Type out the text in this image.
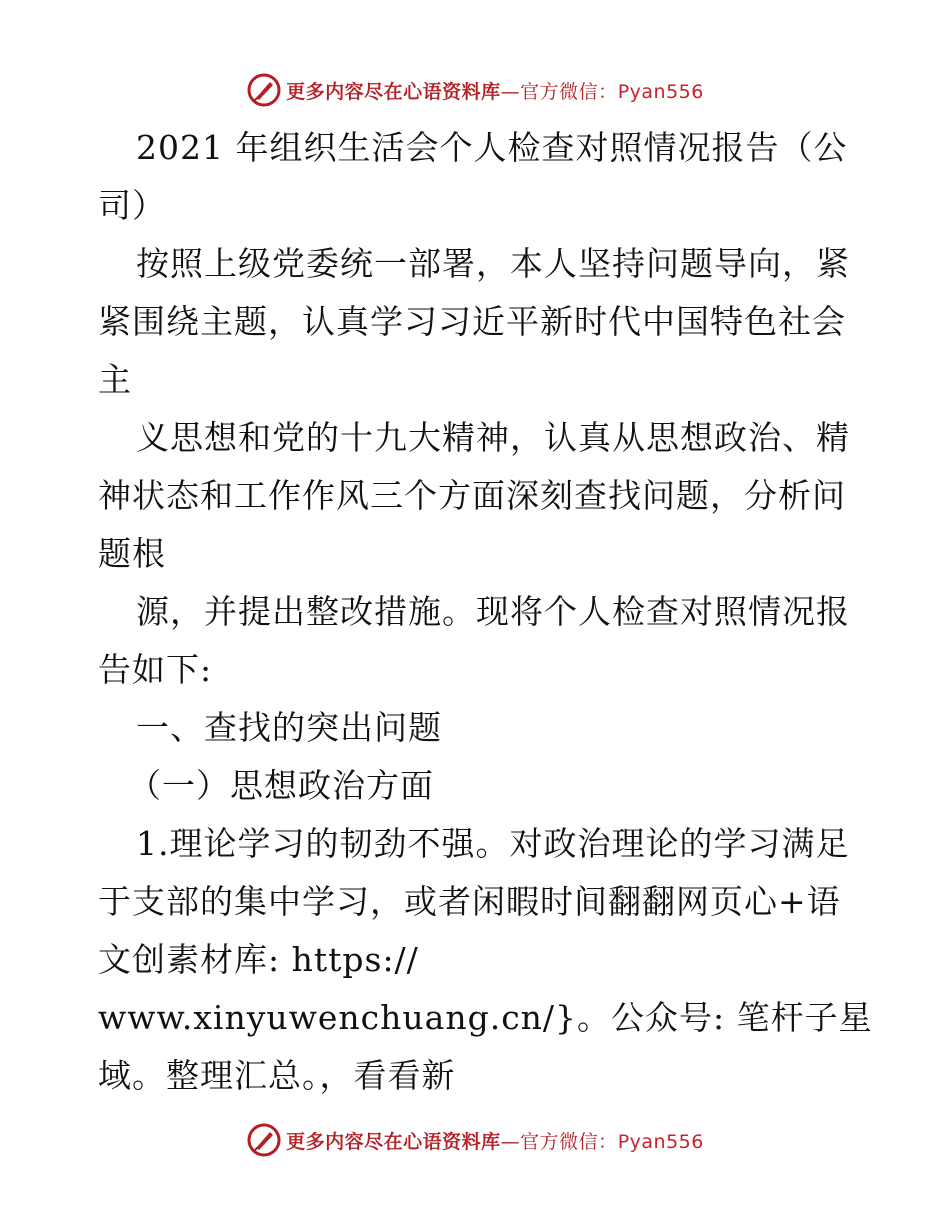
更多内容尽在心语资料库—官方微信：Pyan556
2021 年组织生活会个人检查对照情况报告（公
司）
按照上级党委统一部署，本人坚持问题导向，紧
紧围绕主题，认真学习习近平新时代中国特色社会
主
义思想和党的十九大精神，认真从思想政治、精
神状态和工作作风三个方面深刻查找问题，分析问
题根
源，并提出整改措施。现将个人检查对照情况报
告如下:
一、查找的突出问题
（一）思想政治方面
1.理论学习的韧劲不强。对政治理论的学习满足
于支部的集中学习，或者闲暇时间翻翻网页心+语
文创素材库: https://
www.xinyuwenchuang.cn/}。公众号: 笔杆子星
域。整理汇总。，看看新
更多内容尽在心语资料库—官方微信：Pyan556
